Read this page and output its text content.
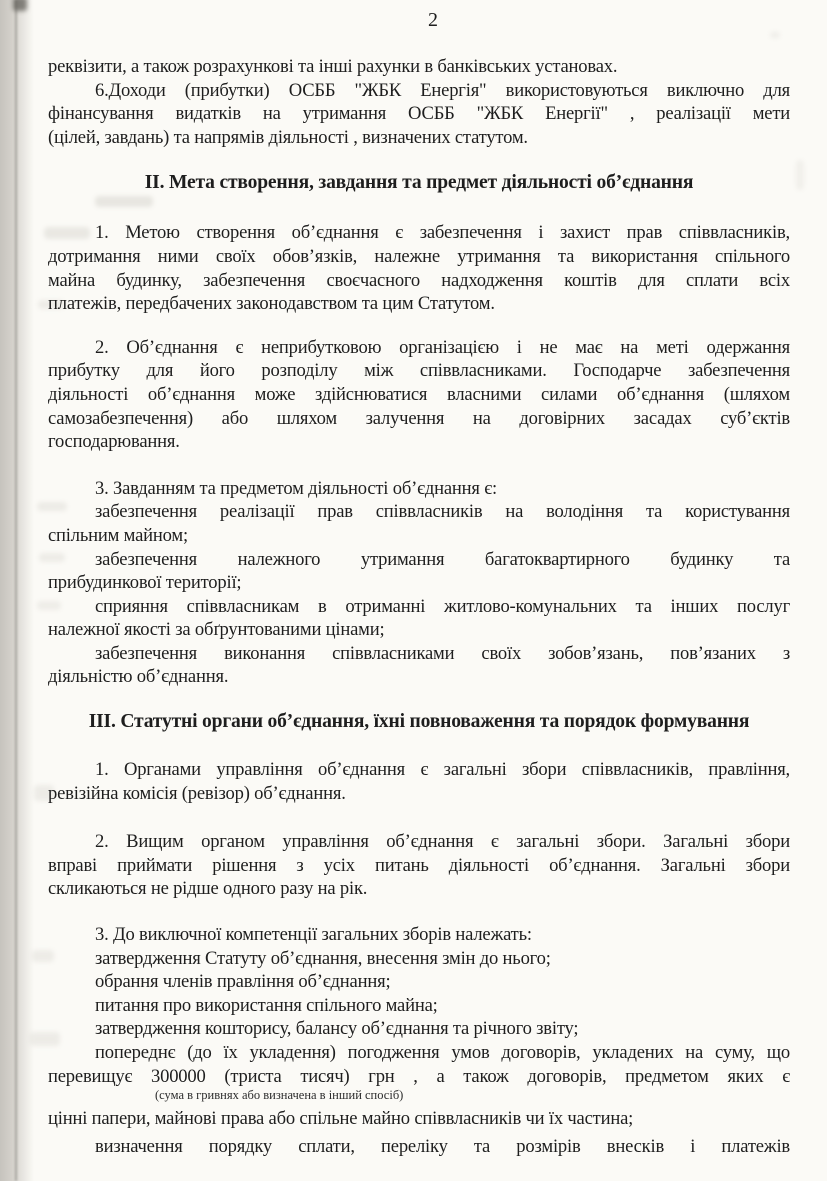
2
реквізити, а також розрахункові та інші рахунки в банківських установах.
6.Доходи (прибутки) ОСББ "ЖБК Енергія" використовуються виключно для
фінансування видатків на утримання ОСББ "ЖБК Енергії" , реалізації мети
(цілей, завдань) та напрямів діяльності , визначених статутом.
ІІ. Мета створення, завдання та предмет діяльності об’єднання
1. Метою створення об’єднання є забезпечення і захист прав співвласників,
дотримання ними своїх обов’язків, належне утримання та використання спільного
майна будинку, забезпечення своєчасного надходження коштів для сплати всіх
платежів, передбачених законодавством та цим Статутом.
2. Об’єднання є неприбутковою організацією і не має на меті одержання
прибутку для його розподілу між співвласниками. Господарче забезпечення
діяльності об’єднання може здійснюватися власними силами об’єднання (шляхом
самозабезпечення) або шляхом залучення на договірних засадах суб’єктів
господарювання.
3. Завданням та предметом діяльності об’єднання є:
забезпечення реалізації прав співвласників на володіння та користування
спільним майном;
забезпечення належного утримання багатоквартирного будинку та
прибудинкової території;
сприяння співвласникам в отриманні житлово-комунальних та інших послуг
належної якості за обґрунтованими цінами;
забезпечення виконання співвласниками своїх зобов’язань, пов’язаних з
діяльністю об’єднання.
ІІІ. Статутні органи об’єднання, їхні повноваження та порядок формування
1. Органами управління об’єднання є загальні збори співвласників, правління,
ревізійна комісія (ревізор) об’єднання.
2. Вищим органом управління об’єднання є загальні збори. Загальні збори
вправі приймати рішення з усіх питань діяльності об’єднання. Загальні збори
скликаються не рідше одного разу на рік.
3. До виключної компетенції загальних зборів належать:
затвердження Статуту об’єднання, внесення змін до нього;
обрання членів правління об’єднання;
питання про використання спільного майна;
затвердження кошторису, балансу об’єднання та річного звіту;
попереднє (до їх укладення) погодження умов договорів, укладених на суму, що
перевищує 300000 (триста тисяч) грн , а також договорів, предметом яких є
(сума в гривнях або визначена в інший спосіб)
цінні папери, майнові права або спільне майно співвласників чи їх частина;
визначення порядку сплати, переліку та розмірів внесків і платежів
